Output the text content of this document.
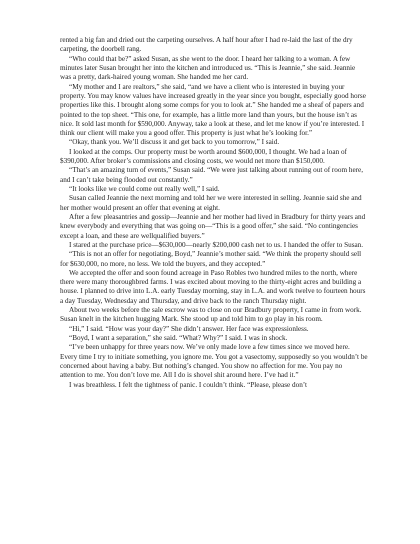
rented a big fan and dried out the carpeting ourselves. A half hour after I had re-laid the last of the dry carpeting, the doorbell rang.

“Who could that be?” asked Susan, as she went to the door. I heard her talking to a woman. A few minutes later Susan brought her into the kitchen and introduced us. “This is Jeannie,” she said. Jeannie was a pretty, dark-haired young woman. She handed me her card.

“My mother and I are realtors,” she said, “and we have a client who is interested in buying your property. You may know values have increased greatly in the year since you bought, especially good horse properties like this. I brought along some comps for you to look at.” She handed me a sheaf of papers and pointed to the top sheet. “This one, for example, has a little more land than yours, but the house isn’t as nice. It sold last month for $590,000. Anyway, take a look at these, and let me know if you’re interested. I think our client will make you a good offer. This property is just what he’s looking for.”

“Okay, thank you. We’ll discuss it and get back to you tomorrow,” I said.

I looked at the comps. Our property must be worth around $600,000, I thought. We had a loan of $390,000. After broker’s commissions and closing costs, we would net more than $150,000.

“That’s an amazing turn of events,” Susan said. “We were just talking about running out of room here, and I can’t take being flooded out constantly.”

“It looks like we could come out really well,” I said.

Susan called Jeannie the next morning and told her we were interested in selling. Jeannie said she and her mother would present an offer that evening at eight.

After a few pleasantries and gossip—Jeannie and her mother had lived in Bradbury for thirty years and knew everybody and everything that was going on—“This is a good offer,” she said. “No contingencies except a loan, and these are wellqualified buyers.”

I stared at the purchase price—$630,000—nearly $200,000 cash net to us. I handed the offer to Susan.

“This is not an offer for negotiating, Boyd,” Jeannie’s mother said. “We think the property should sell for $630,000, no more, no less. We told the buyers, and they accepted.”

We accepted the offer and soon found acreage in Paso Robles two hundred miles to the north, where there were many thoroughbred farms. I was excited about moving to the thirty-eight acres and building a house. I planned to drive into L.A. early Tuesday morning, stay in L.A. and work twelve to fourteen hours a day Tuesday, Wednesday and Thursday, and drive back to the ranch Thursday night.

About two weeks before the sale escrow was to close on our Bradbury property, I came in from work. Susan knelt in the kitchen hugging Mark. She stood up and told him to go play in his room.

“Hi,” I said. “How was your day?” She didn’t answer. Her face was expressionless.

“Boyd, I want a separation,” she said. “What? Why?” I said. I was in shock.

“I’ve been unhappy for three years now. We’ve only made love a few times since we moved here. Every time I try to initiate something, you ignore me. You got a vasectomy, supposedly so you wouldn’t be concerned about having a baby. But nothing’s changed. You show no affection for me. You pay no attention to me. You don’t love me. All I do is shovel shit around here. I’ve had it.”

I was breathless. I felt the tightness of panic. I couldn’t think. “Please, please don’t
